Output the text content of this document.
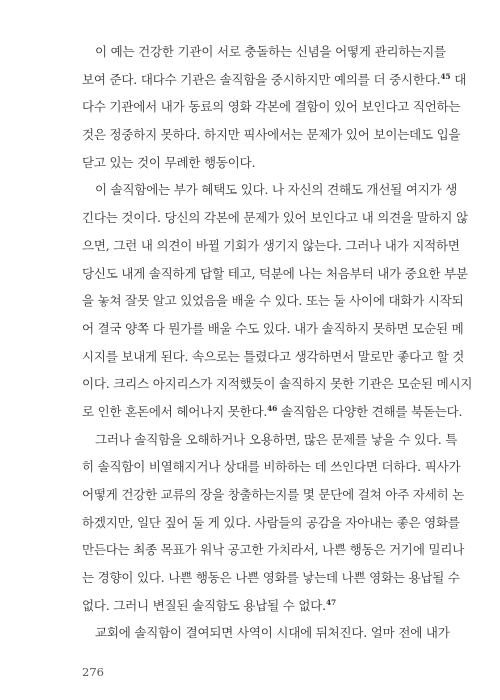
이 예는 건강한 기관이 서로 충돌하는 신념을 어떻게 관리하는지를
보여 준다. 대다수 기관은 솔직함을 중시하지만 예의를 더 중시한다.$^{45}$ 대
다수 기관에서 내가 동료의 영화 각본에 결함이 있어 보인다고 직언하는
것은 정중하지 못하다. 하지만 픽사에서는 문제가 있어 보이는데도 입을
닫고 있는 것이 무례한 행동이다.
이 솔직함에는 부가 혜택도 있다. 나 자신의 견해도 개선될 여지가 생
긴다는 것이다. 당신의 각본에 문제가 있어 보인다고 내 의견을 말하지 않
으면, 그런 내 의견이 바뀔 기회가 생기지 않는다. 그러나 내가 지적하면
당신도 내게 솔직하게 답할 테고, 덕분에 나는 처음부터 내가 중요한 부분
을 놓쳐 잘못 알고 있었음을 배울 수 있다. 또는 둘 사이에 대화가 시작되
어 결국 양쪽 다 뭔가를 배울 수도 있다. 내가 솔직하지 못하면 모순된 메
시지를 보내게 된다. 속으로는 틀렸다고 생각하면서 말로만 좋다고 할 것
이다. 크리스 아지리스가 지적했듯이 솔직하지 못한 기관은 모순된 메시지
로 인한 혼돈에서 헤어나지 못한다.$^{46}$ 솔직함은 다양한 견해를 북돋는다.
그러나 솔직함을 오해하거나 오용하면, 많은 문제를 낳을 수 있다. 특
히 솔직함이 비열해지거나 상대를 비하하는 데 쓰인다면 더하다. 픽사가
어떻게 건강한 교류의 장을 창출하는지를 몇 문단에 걸쳐 아주 자세히 논
하겠지만, 일단 짚어 둘 게 있다. 사람들의 공감을 자아내는 좋은 영화를
만든다는 최종 목표가 워낙 공고한 가치라서, 나쁜 행동은 거기에 밀리나
는 경향이 있다. 나쁜 행동은 나쁜 영화를 낳는데 나쁜 영화는 용납될 수
없다. 그러니 변질된 솔직함도 용납될 수 없다.$^{47}$
교회에 솔직함이 결여되면 사역이 시대에 뒤처진다. 얼마 전에 내가
276
